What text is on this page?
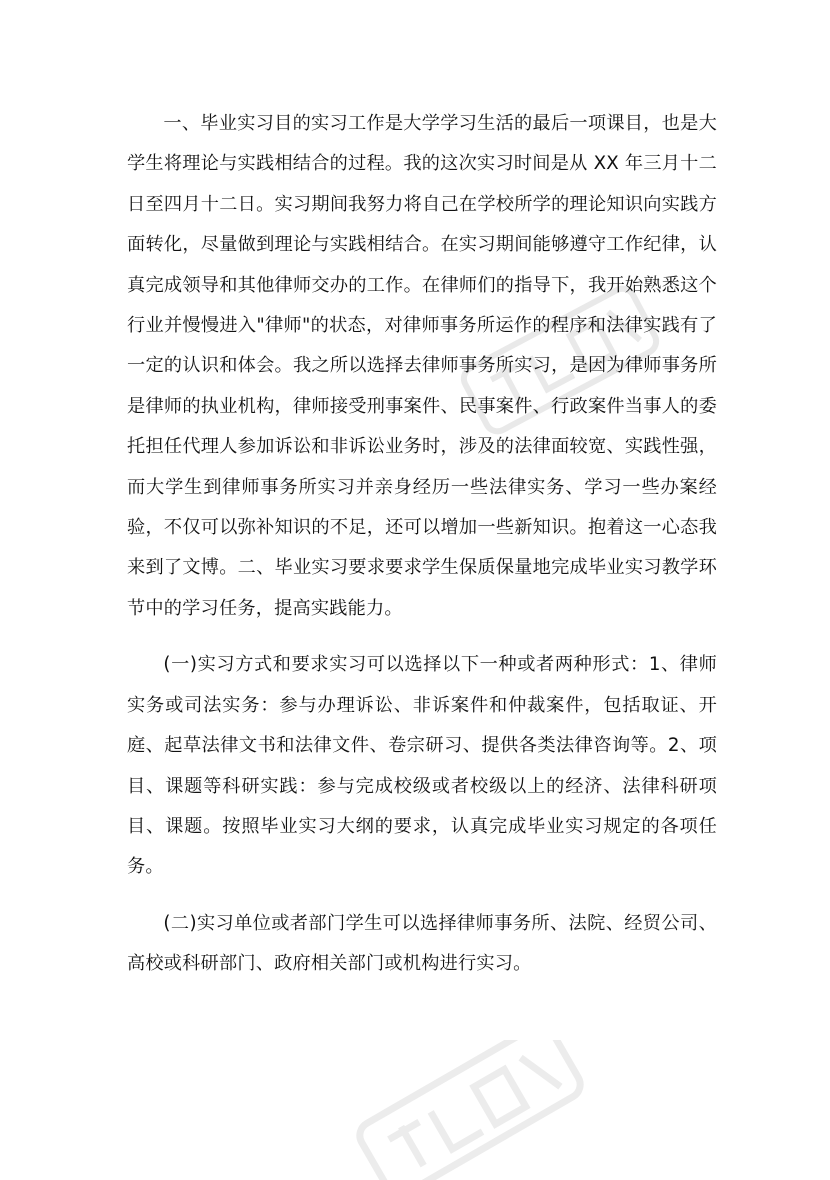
一、毕业实习目的实习工作是大学学习生活的最后一项课目，也是大学生将理论与实践相结合的过程。我的这次实习时间是从 XX 年三月十二日至四月十二日。实习期间我努力将自己在学校所学的理论知识向实践方面转化，尽量做到理论与实践相结合。在实习期间能够遵守工作纪律，认真完成领导和其他律师交办的工作。在律师们的指导下，我开始熟悉这个行业并慢慢进入"律师"的状态，对律师事务所运作的程序和法律实践有了一定的认识和体会。我之所以选择去律师事务所实习，是因为律师事务所是律师的执业机构，律师接受刑事案件、民事案件、行政案件当事人的委托担任代理人参加诉讼和非诉讼业务时，涉及的法律面较宽、实践性强，而大学生到律师事务所实习并亲身经历一些法律实务、学习一些办案经验，不仅可以弥补知识的不足，还可以增加一些新知识。抱着这一心态我来到了文博。二、毕业实习要求要求学生保质保量地完成毕业实习教学环节中的学习任务，提高实践能力。

(一)实习方式和要求实习可以选择以下一种或者两种形式：1、律师实务或司法实务：参与办理诉讼、非诉案件和仲裁案件，包括取证、开庭、起草法律文书和法律文件、卷宗研习、提供各类法律咨询等。2、项目、课题等科研实践：参与完成校级或者校级以上的经济、法律科研项目、课题。按照毕业实习大纲的要求，认真完成毕业实习规定的各项任务。

(二)实习单位或者部门学生可以选择律师事务所、法院、经贸公司、高校或科研部门、政府相关部门或机构进行实习。
